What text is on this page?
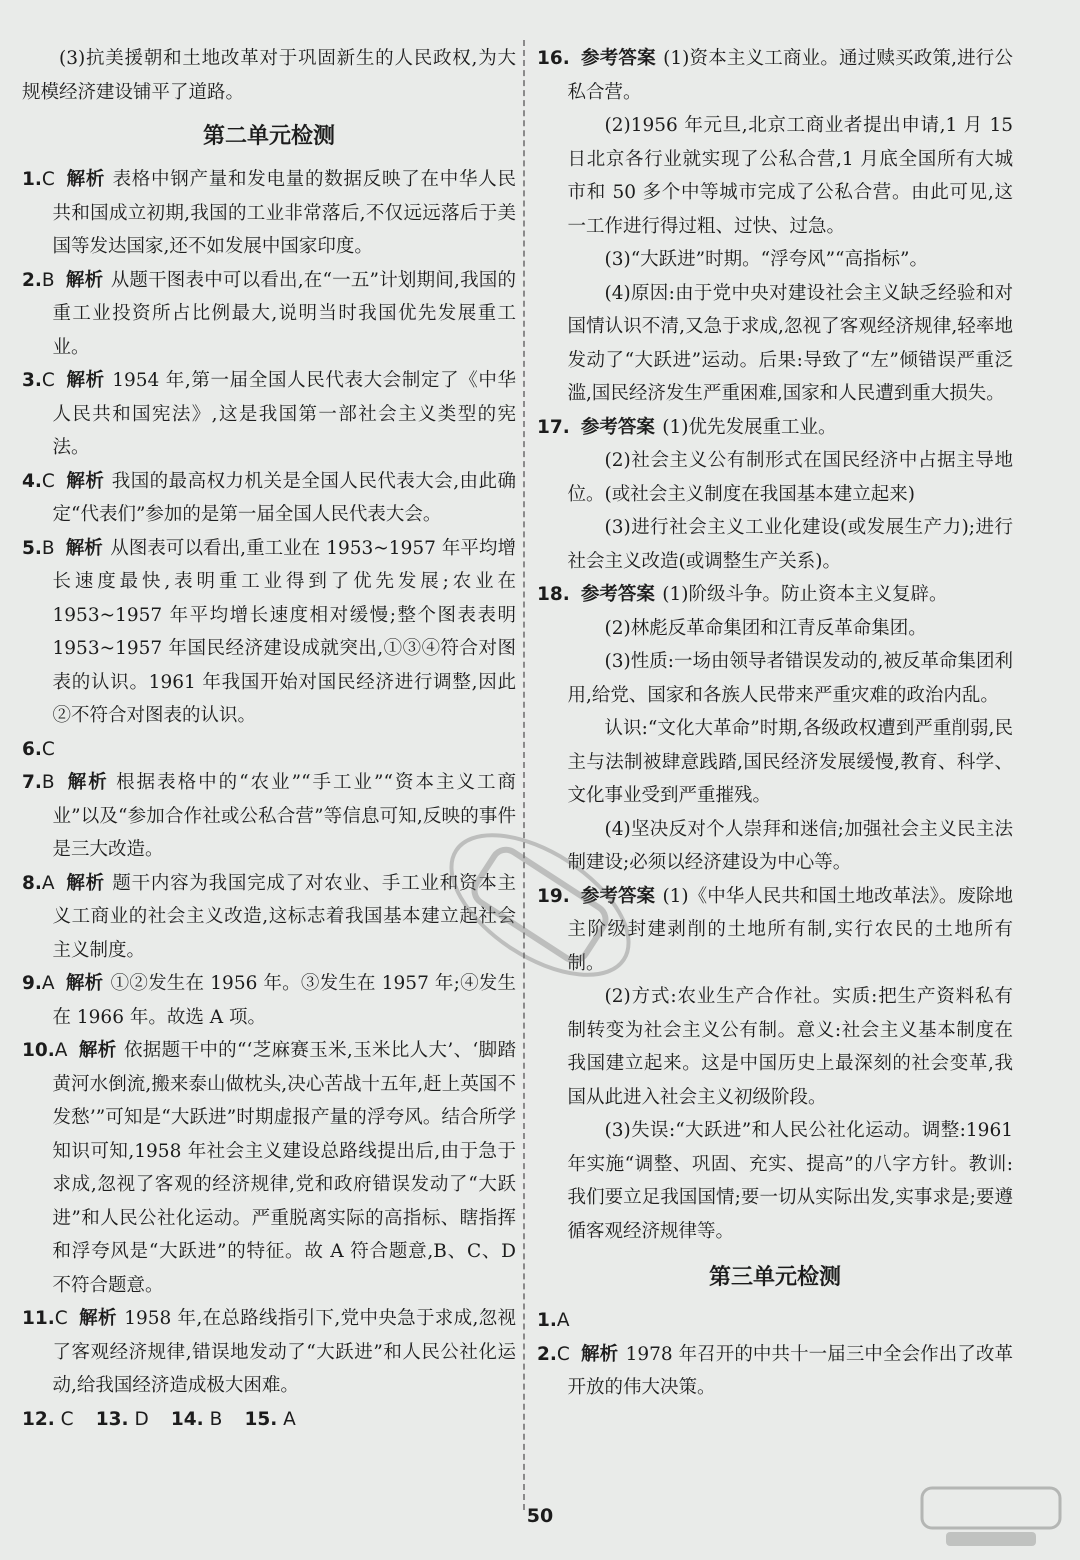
(3)抗美援朝和土地改革对于巩固新生的人民政权,为大规模经济建设铺平了道路。

第二单元检测

1.C 解析 表格中钢产量和发电量的数据反映了在中华人民共和国成立初期,我国的工业非常落后,不仅远远落后于美国等发达国家,还不如发展中国家印度。

2.B 解析 从题干图表中可以看出,在“一五”计划期间,我国的重工业投资所占比例最大,说明当时我国优先发展重工业。

3.C 解析 1954 年,第一届全国人民代表大会制定了《中华人民共和国宪法》,这是我国第一部社会主义类型的宪法。

4.C 解析 我国的最高权力机关是全国人民代表大会,由此确定“代表们”参加的是第一届全国人民代表大会。

5.B 解析 从图表可以看出,重工业在 1953~1957 年平均增长速度最快,表明重工业得到了优先发展;农业在 1953~1957 年平均增长速度相对缓慢;整个图表表明 1953~1957 年国民经济建设成就突出,①③④符合对图表的认识。1961 年我国开始对国民经济进行调整,因此②不符合对图表的认识。

6.C

7.B 解析 根据表格中的“农业”“手工业”“资本主义工商业”以及“参加合作社或公私合营”等信息可知,反映的事件是三大改造。

8.A 解析 题干内容为我国完成了对农业、手工业和资本主义工商业的社会主义改造,这标志着我国基本建立起社会主义制度。

9.A 解析 ①②发生在 1956 年。③发生在 1957 年;④发生在 1966 年。故选 A 项。

10.A 解析 依据题干中的“‘芝麻赛玉米,玉米比人大’、‘脚踏黄河水倒流,搬来泰山做枕头,决心苦战十五年,赶上英国不发愁’”可知是“大跃进”时期虚报产量的浮夸风。结合所学知识可知,1958 年社会主义建设总路线提出后,由于急于求成,忽视了客观的经济规律,党和政府错误发动了“大跃进”和人民公社化运动。严重脱离实际的高指标、瞎指挥和浮夸风是“大跃进”的特征。故 A 符合题意,B、C、D 不符合题意。

11.C 解析 1958 年,在总路线指引下,党中央急于求成,忽视了客观经济规律,错误地发动了“大跃进”和人民公社化运动,给我国经济造成极大困难。

12. C 13. D 14. B 15. A

16. 参考答案 (1)资本主义工商业。通过赎买政策,进行公私合营。

(2)1956 年元旦,北京工商业者提出申请,1 月 15 日北京各行业就实现了公私合营,1 月底全国所有大城市和 50 多个中等城市完成了公私合营。由此可见,这一工作进行得过粗、过快、过急。

(3)“大跃进”时期。“浮夸风”“高指标”。

(4)原因:由于党中央对建设社会主义缺乏经验和对国情认识不清,又急于求成,忽视了客观经济规律,轻率地发动了“大跃进”运动。后果:导致了“左”倾错误严重泛滥,国民经济发生严重困难,国家和人民遭到重大损失。

17. 参考答案 (1)优先发展重工业。

(2)社会主义公有制形式在国民经济中占据主导地位。(或社会主义制度在我国基本建立起来)

(3)进行社会主义工业化建设(或发展生产力);进行社会主义改造(或调整生产关系)。

18. 参考答案 (1)阶级斗争。防止资本主义复辟。

(2)林彪反革命集团和江青反革命集团。

(3)性质:一场由领导者错误发动的,被反革命集团利用,给党、国家和各族人民带来严重灾难的政治内乱。

认识:“文化大革命”时期,各级政权遭到严重削弱,民主与法制被肆意践踏,国民经济发展缓慢,教育、科学、文化事业受到严重摧残。

(4)坚决反对个人崇拜和迷信;加强社会主义民主法制建设;必须以经济建设为中心等。

19. 参考答案 (1)《中华人民共和国土地改革法》。废除地主阶级封建剥削的土地所有制,实行农民的土地所有制。

(2)方式:农业生产合作社。实质:把生产资料私有制转变为社会主义公有制。意义:社会主义基本制度在我国建立起来。这是中国历史上最深刻的社会变革,我国从此进入社会主义初级阶段。

(3)失误:“大跃进”和人民公社化运动。调整:1961 年实施“调整、巩固、充实、提高”的八字方针。教训:我们要立足我国国情;要一切从实际出发,实事求是;要遵循客观经济规律等。

第三单元检测

1.A

2.C 解析 1978 年召开的中共十一届三中全会作出了改革开放的伟大决策。

50
